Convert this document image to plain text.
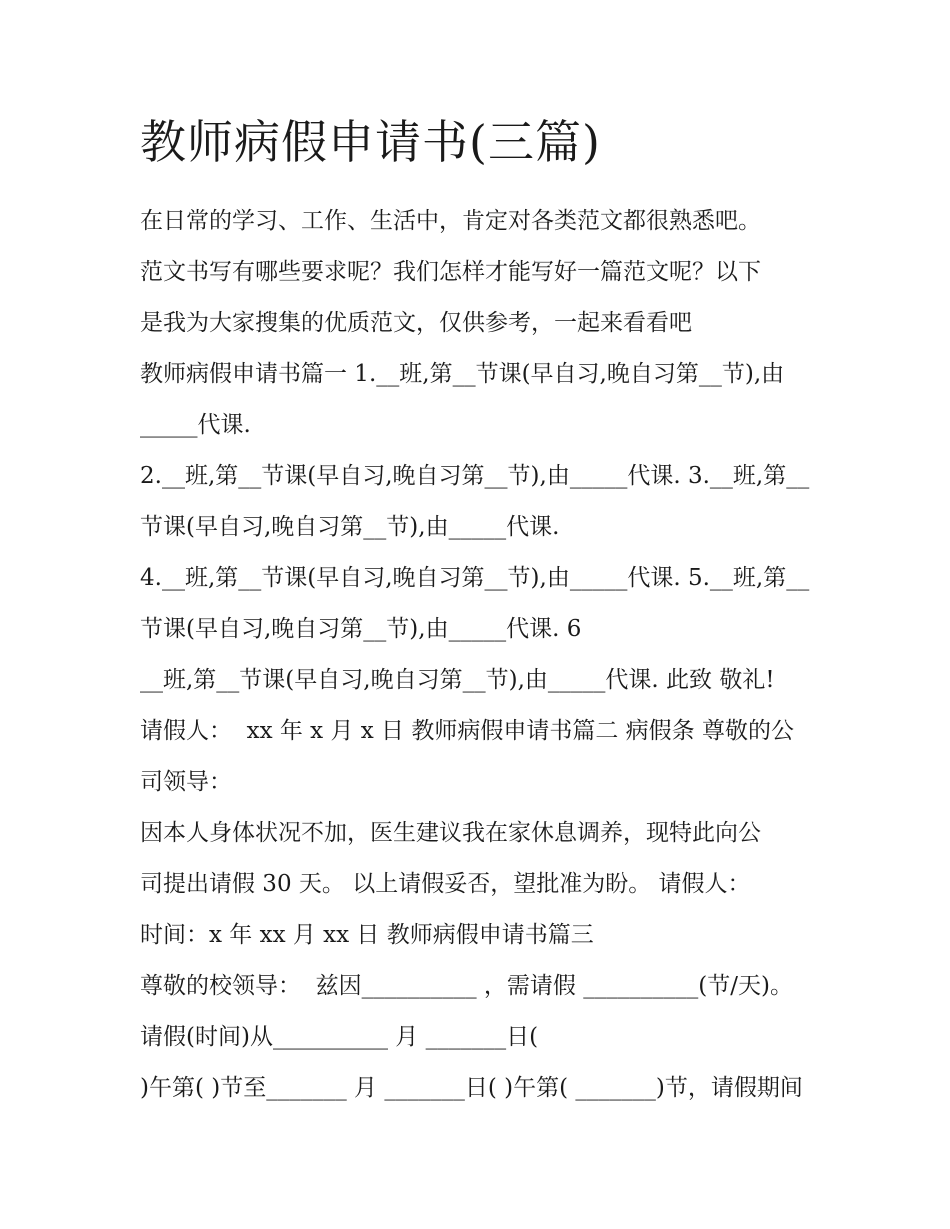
教师病假申请书(三篇)

在日常的学习、工作、生活中，肯定对各类范文都很熟悉吧。

范文书写有哪些要求呢？我们怎样才能写好一篇范文呢？以下

是我为大家搜集的优质范文，仅供参考，一起来看看吧

教师病假申请书篇一 1.__班,第__节课(早自习,晚自习第__节),由

_____代课.

2.__班,第__节课(早自习,晚自习第__节),由_____代课. 3.__班,第__

节课(早自习,晚自习第__节),由_____代课.

4.__班,第__节课(早自习,晚自习第__节),由_____代课. 5.__班,第__

节课(早自习,晚自习第__节),由_____代课. 6

__班,第__节课(早自习,晚自习第__节),由_____代课. 此致 敬礼!

请假人：  xx 年 x 月 x 日 教师病假申请书篇二 病假条 尊敬的公

司领导：

因本人身体状况不加，医生建议我在家休息调养，现特此向公

司提出请假 30 天。 以上请假妥否，望批准为盼。 请假人：

时间：x 年 xx 月 xx 日 教师病假申请书篇三

尊敬的校领导：  兹因__________ ，需请假 __________(节/天)。

请假(时间)从__________ 月 _______日(

)午第( )节至_______ 月 _______日( )午第( _______)节，请假期间
